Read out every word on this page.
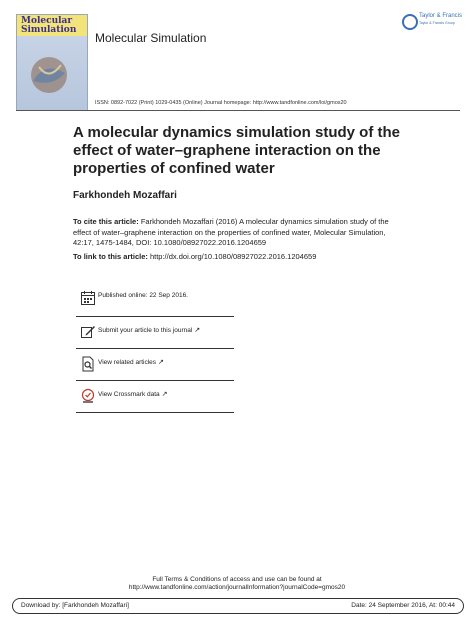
Molecular Simulation
Molecular Simulation
Taylor & Francis
Taylor & Francis Group
ISSN: 0892-7022 (Print) 1029-0435 (Online) Journal homepage: http://www.tandfonline.com/loi/gmos20
A molecular dynamics simulation study of the effect of water–graphene interaction on the properties of confined water
Farkhondeh Mozaffari
To cite this article: Farkhondeh Mozaffari (2016) A molecular dynamics simulation study of the effect of water–graphene interaction on the properties of confined water, Molecular Simulation, 42:17, 1475-1484, DOI: 10.1080/08927022.2016.1204659
To link to this article: http://dx.doi.org/10.1080/08927022.2016.1204659
Published online: 22 Sep 2016.
Submit your article to this journal ↗
View related articles ↗
View Crossmark data ↗
Full Terms & Conditions of access and use can be found at
http://www.tandfonline.com/action/journalInformation?journalCode=gmos20
Download by: [Farkhondeh Mozaffari]	Date: 24 September 2016, At: 00:44
